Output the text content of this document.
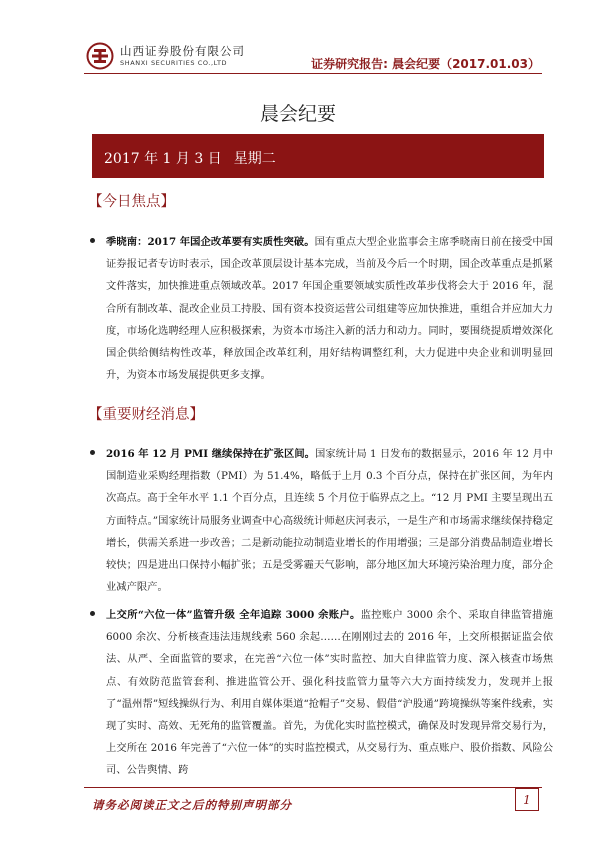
山西证券股份有限公司
SHANXI SECURITIES CO.,LTD	证券研究报告: 晨会纪要（2017.01.03）
晨会纪要
2017 年 1 月 3 日 星期二
【今日焦点】
季晓南：2017 年国企改革要有实质性突破。国有重点大型企业监事会主席季晓南日前在接受中国证券报记者专访时表示，国企改革顶层设计基本完成，当前及今后一个时期，国企改革重点是抓紧文件落实，加快推进重点领域改革。2017 年国企重要领域实质性改革步伐将会大于 2016 年，混合所有制改革、混改企业员工持股、国有资本投资运营公司组建等应加快推进，重组合并应加大力度，市场化选聘经理人应积极探索，为资本市场注入新的活力和动力。同时，要围绕提质增效深化国企供给侧结构性改革，释放国企改革红利，用好结构调整红利，大力促进中央企业和训明显回升，为资本市场发展提供更多支撑。
【重要财经消息】
2016 年 12 月 PMI 继续保持在扩张区间。国家统计局 1 日发布的数据显示，2016 年 12 月中国制造业采购经理指数（PMI）为 51.4%，略低于上月 0.3 个百分点，保持在扩张区间，为年内次高点。高于全年水平 1.1 个百分点，且连续 5 个月位于临界点之上。“12 月 PMI 主要呈现出五方面特点。”国家统计局服务业调查中心高级统计师赵庆河表示，一是生产和市场需求继续保持稳定增长，供需关系进一步改善；二是新动能拉动制造业增长的作用增强；三是部分消费品制造业增长较快；四是进出口保持小幅扩张；五是受雾霾天气影响，部分地区加大环境污染治理力度，部分企业减产限产。
上交所“六位一体”监管升级 全年追踪 3000 余账户。监控账户 3000 余个、采取自律监管措施 6000 余次、分析核查违法违规线索 560 余起……在刚刚过去的 2016 年，上交所根据证监会依法、从严、全面监管的要求，在完善“六位一体”实时监控、加大自律监管力度、深入核查市场焦点、有效防范监管套利、推进监管公开、强化科技监管力量等六大方面持续发力，发现并上报了“温州帮”短线操纵行为、利用自媒体渠道“抢帽子”交易、假借“沪股通”跨境操纵等案件线索，实现了实时、高效、无死角的监管覆盖。首先，为优化实时监控模式，确保及时发现异常交易行为，上交所在 2016 年完善了“六位一体”的实时监控模式，从交易行为、重点账户、股价指数、风险公司、公告舆情、跨
请务必阅读正文之后的特别声明部分	1
